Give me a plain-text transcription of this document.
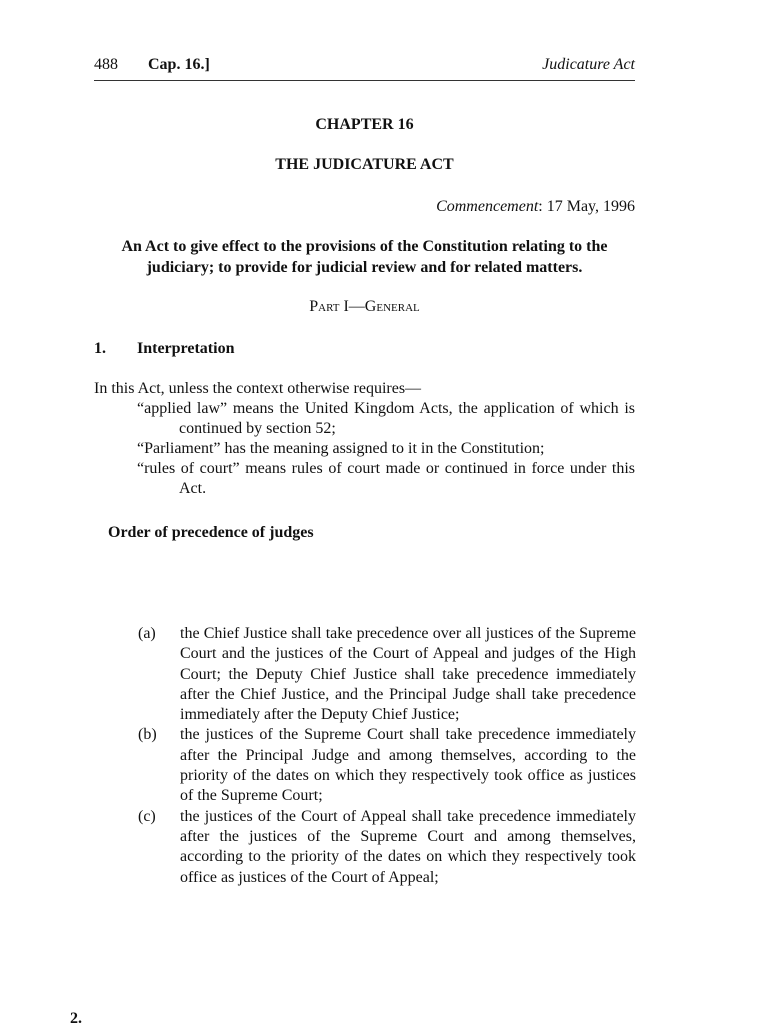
488 Cap. 16.]	Judicature Act
CHAPTER 16
THE JUDICATURE ACT
Commencement: 17 May, 1996
An Act to give effect to the provisions of the Constitution relating to the judiciary; to provide for judicial review and for related matters.
Part I—General
1. Interpretation
In this Act, unless the context otherwise requires—
“applied law” means the United Kingdom Acts, the application of which is continued by section 52;
“Parliament” has the meaning assigned to it in the Constitution;
“rules of court” means rules of court made or continued in force under this Act.
Order of precedence of judges
(a)	the Chief Justice shall take precedence over all justices of the Supreme Court and the justices of the Court of Appeal and judges of the High Court; the Deputy Chief Justice shall take precedence immediately after the Chief Justice, and the Principal Judge shall take precedence immediately after the Deputy Chief Justice;
(b)	the justices of the Supreme Court shall take precedence immediately after the Principal Judge and among themselves, according to the priority of the dates on which they respectively took office as justices of the Supreme Court;
(c)	the justices of the Court of Appeal shall take precedence immediately after the justices of the Supreme Court and among themselves, according to the priority of the dates on which they respectively took office as justices of the Court of Appeal;
2.
